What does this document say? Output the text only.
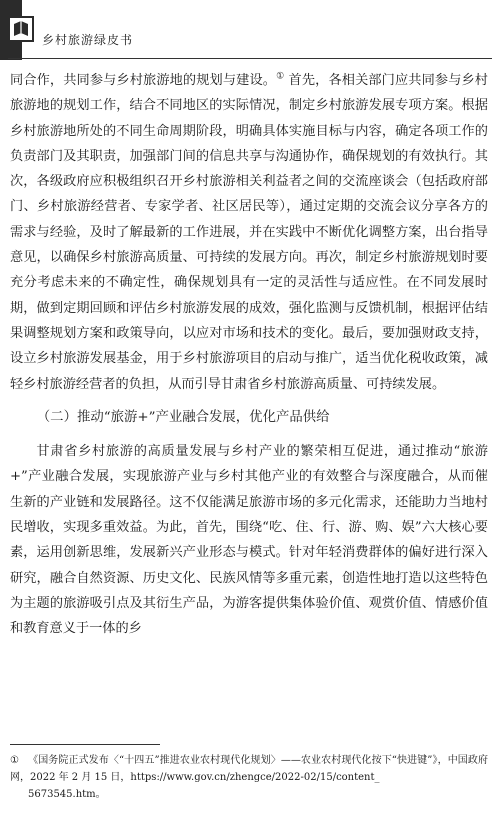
乡村旅游绿皮书

同合作，共同参与乡村旅游地的规划与建设。① 首先，各相关部门应共同参与乡村旅游地的规划工作，结合不同地区的实际情况，制定乡村旅游发展专项方案。根据乡村旅游地所处的不同生命周期阶段，明确具体实施目标与内容，确定各项工作的负责部门及其职责，加强部门间的信息共享与沟通协作，确保规划的有效执行。其次，各级政府应积极组织召开乡村旅游相关利益者之间的交流座谈会（包括政府部门、乡村旅游经营者、专家学者、社区居民等），通过定期的交流会议分享各方的需求与经验，及时了解最新的工作进展，并在实践中不断优化调整方案，出台指导意见，以确保乡村旅游高质量、可持续的发展方向。再次，制定乡村旅游规划时要充分考虑未来的不确定性，确保规划具有一定的灵活性与适应性。在不同发展时期，做到定期回顾和评估乡村旅游发展的成效，强化监测与反馈机制，根据评估结果调整规划方案和政策导向，以应对市场和技术的变化。最后，要加强财政支持，设立乡村旅游发展基金，用于乡村旅游项目的启动与推广，适当优化税收政策，减轻乡村旅游经营者的负担，从而引导甘肃省乡村旅游高质量、可持续发展。

（二）推动“旅游+”产业融合发展，优化产品供给

甘肃省乡村旅游的高质量发展与乡村产业的繁荣相互促进，通过推动“旅游+”产业融合发展，实现旅游产业与乡村其他产业的有效整合与深度融合，从而催生新的产业链和发展路径。这不仅能满足旅游市场的多元化需求，还能助力当地村民增收，实现多重效益。为此，首先，围绕“吃、住、行、游、购、娱”六大核心要素，运用创新思维，发展新兴产业形态与模式。针对年轻消费群体的偏好进行深入研究，融合自然资源、历史文化、民族风情等多重元素，创造性地打造以这些特色为主题的旅游吸引点及其衍生产品，为游客提供集体验价值、观赏价值、情感价值和教育意义于一体的乡

① 《国务院正式发布〈“十四五”推进农业农村现代化规划〉——农业农村现代化按下“快进键”》，中国政府网，2022 年 2 月 15 日，https://www.gov.cn/zhengce/2022-02/15/content_
5673545.htm。
